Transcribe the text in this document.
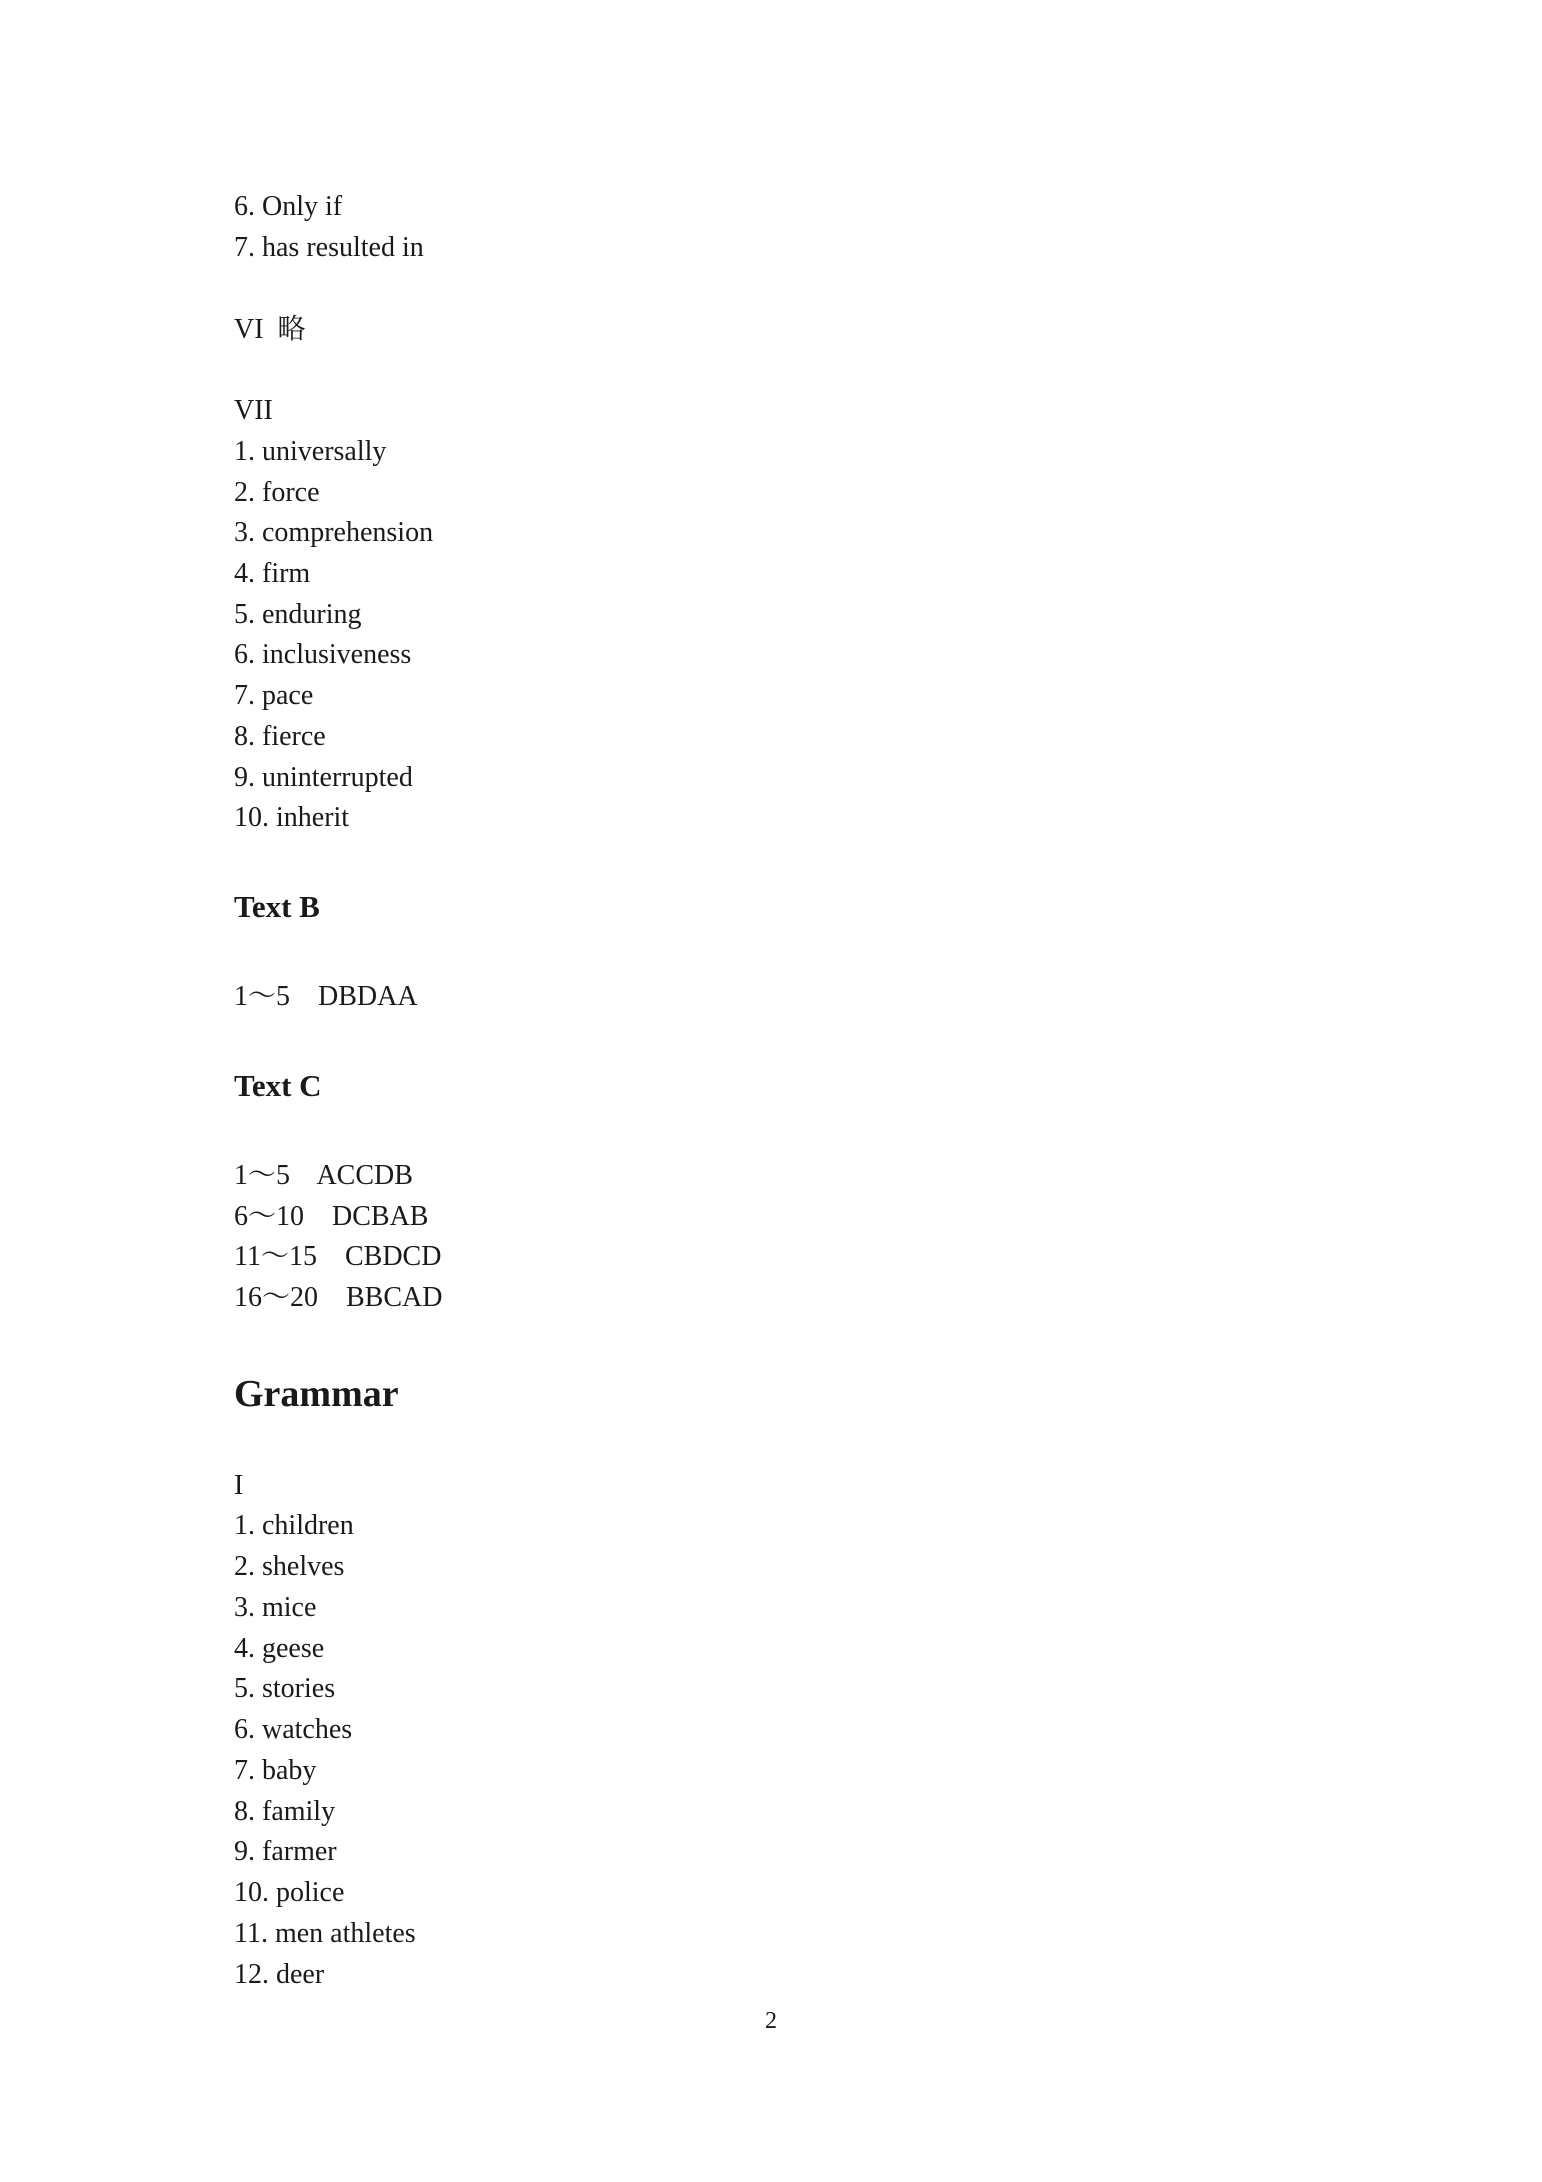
6. Only if
7. has resulted in
VI  略
VII
1. universally
2. force
3. comprehension
4. firm
5. enduring
6. inclusiveness
7. pace
8. fierce
9. uninterrupted
10. inherit
Text B
1～5    DBDAA
Text C
1～5    ACCDB
6～10    DCBAB
11～15    CBDCD
16～20    BBCAD
Grammar
I
1. children
2. shelves
3. mice
4. geese
5. stories
6. watches
7. baby
8. family
9. farmer
10. police
11. men athletes
12. deer
2
